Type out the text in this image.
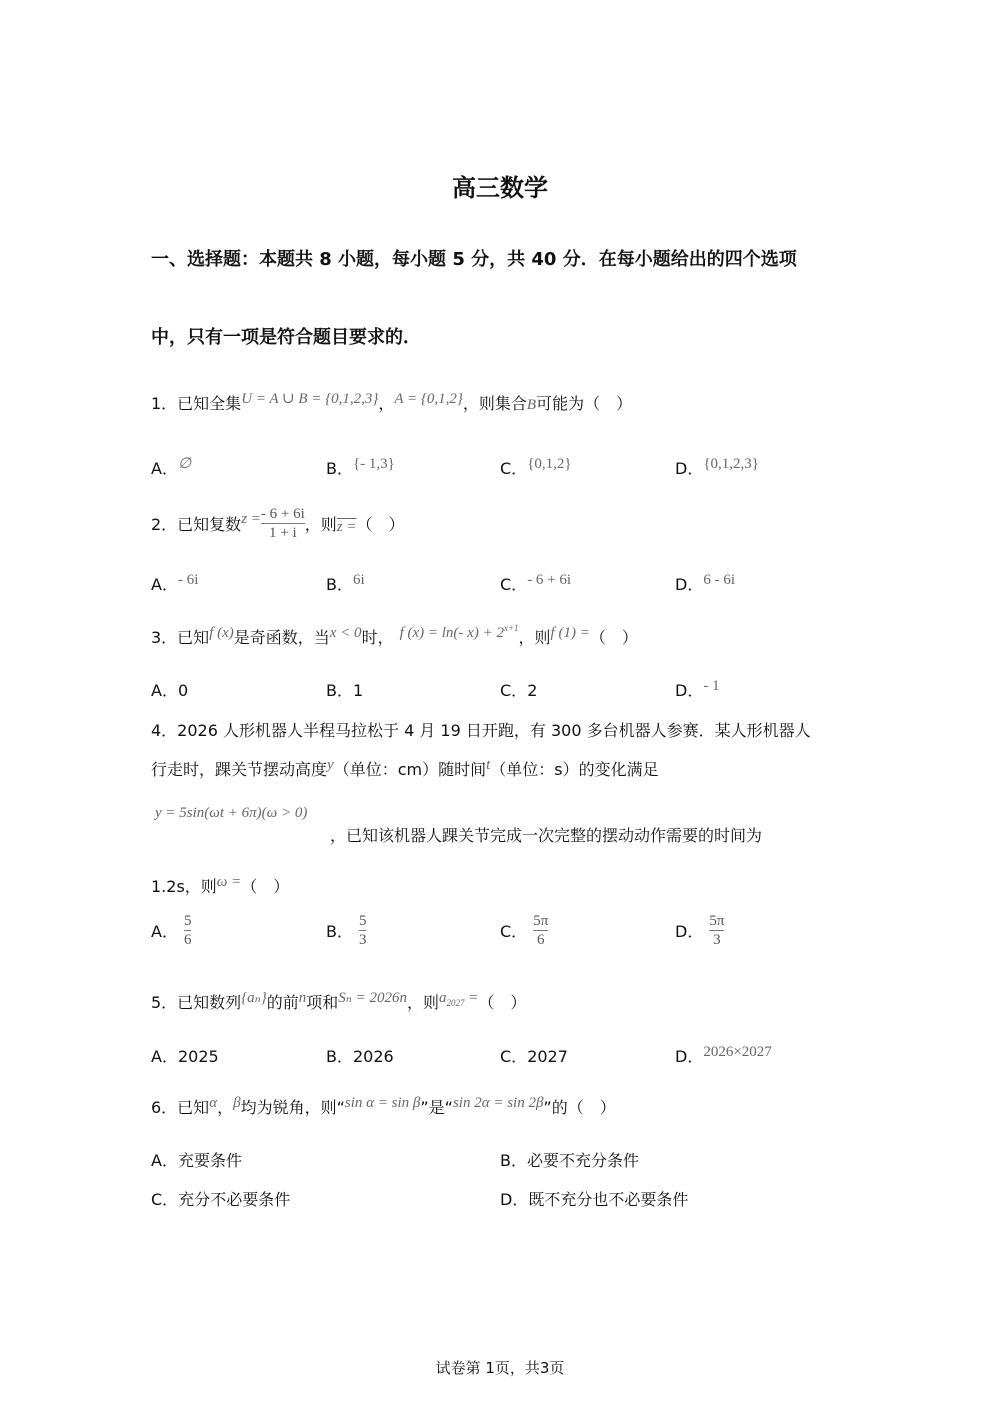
高三数学
一、选择题：本题共 8 小题，每小题 5 分，共 40 分．在每小题给出的四个选项
中，只有一项是符合题目要求的．
1．已知全集U = A ∪ B = {0,1,2,3}，A = {0,1,2}，则集合B可能为（　）
A．∅	B．{- 1,3}	C．{0,1,2}	D．{0,1,2,3}
2．已知复数$z = \frac{- 6 + 6i}{1 + i}$ ，则z =（　）
A．- 6i	B．6i	C．- 6 + 6i	D．6 - 6i
3．已知f (x)是奇函数，当x < 0时， f (x) = ln(- $x) + 2^{x+1}$，则f (1) =（　）
A．0	B．1	C．2	D．- 1
4．2026 人形机器人半程马拉松于 4 月 19 日开跑，有 300 多台机器人参赛．某人形机器人
行走时，踝关节摆动高度y（单位：cm）随时间t（单位：s）的变化满足
y = 5sin(ωt + 6π)(ω > 0)
，已知该机器人踝关节完成一次完整的摆动动作需要的时间为
1.2s，则ω =（　）
A． $\frac{5}{6}$	B． $\frac{5}{3}$	C． $\frac{5\pi}{6}$	D． $\frac{5\pi}{3}$
5．已知数列{aₙ}的前n项和Sₙ = 2026n，则$a_{2027}$ =（　）
A．2025	B．2026	C．2027	D．2026×2027
6．已知α，β均为锐角，则“sin α = sin β”是“sin 2α = sin 2β”的（　）
A．充要条件	B．必要不充分条件
C．充分不必要条件	D．既不充分也不必要条件
试卷第 1页，共3页
